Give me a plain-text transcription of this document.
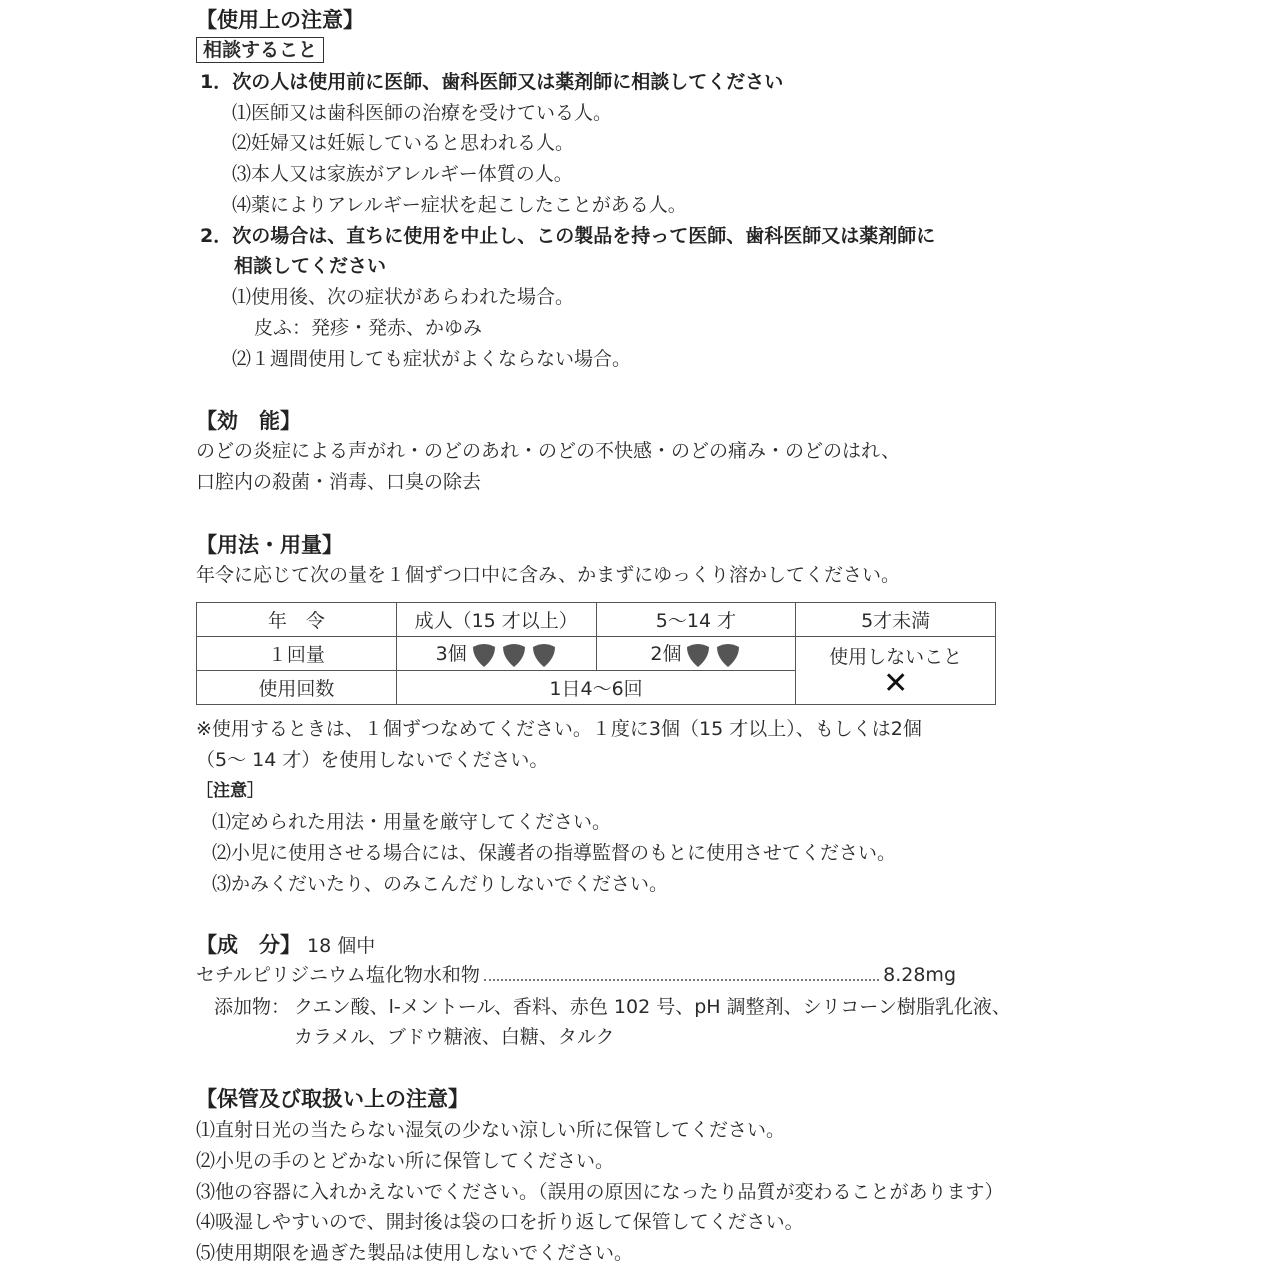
【使用上の注意】
相談すること
1．次の人は使用前に医師、歯科医師又は薬剤師に相談してください
⑴医師又は歯科医師の治療を受けている人。
⑵妊婦又は妊娠していると思われる人。
⑶本人又は家族がアレルギー体質の人。
⑷薬によりアレルギー症状を起こしたことがある人。
2．次の場合は、直ちに使用を中止し、この製品を持って医師、歯科医師又は薬剤師に
相談してください
⑴使用後、次の症状があらわれた場合。
皮ふ：発疹・発赤、かゆみ
⑵１週間使用しても症状がよくならない場合。
【効　能】
のどの炎症による声がれ・のどのあれ・のどの不快感・のどの痛み・のどのはれ、
口腔内の殺菌・消毒、口臭の除去
【用法・用量】
年令に応じて次の量を１個ずつ口中に含み、かまずにゆっくり溶かしてください。
年　令	成人（15 才以上）	5～14 才	5才未満
１回量	3個	2個	使用しないこと
✕

使用回数	1日4～6回		
※使用するときは、１個ずつなめてください。１度に3個（15 才以上）、もしくは2個
（5～ 14 才）を使用しないでください。
［注意］
⑴定められた用法・用量を厳守してください。
⑵小児に使用させる場合には、保護者の指導監督のもとに使用させてください。
⑶かみくだいたり、のみこんだりしないでください。
【成　分】 18 個中
セチルピリジニウム塩化物水和物	8.28mg
添加物： クエン酸、l-メントール、香料、赤色 102 号、pH 調整剤、シリコーン樹脂乳化液、
カラメル、ブドウ糖液、白糖、タルク
【保管及び取扱い上の注意】
⑴直射日光の当たらない湿気の少ない涼しい所に保管してください。
⑵小児の手のとどかない所に保管してください。
⑶他の容器に入れかえないでください。（誤用の原因になったり品質が変わることがあります）
⑷吸湿しやすいので、開封後は袋の口を折り返して保管してください。
⑸使用期限を過ぎた製品は使用しないでください。
